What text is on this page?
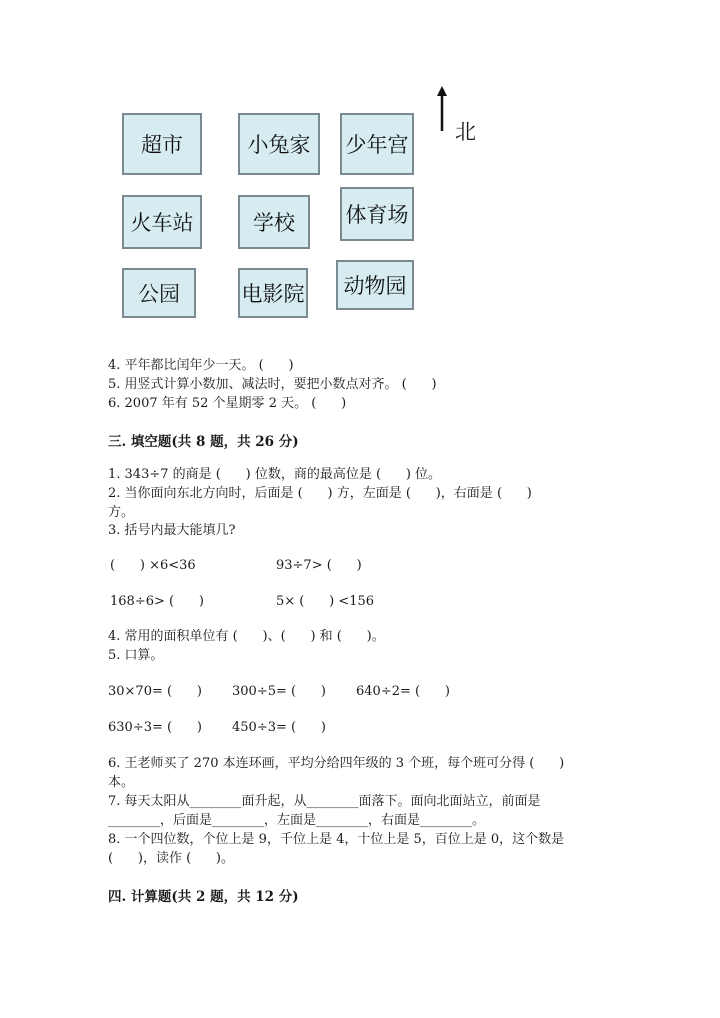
超市	小兔家	少年宫
火车站	学校	体育场
公园	电影院	动物园
北
4. 平年都比闰年少一天。 (      )
5. 用竖式计算小数加、减法时，要把小数点对齐。 (      )
6. 2007 年有 52 个星期零 2 天。 (      )
三. 填空题(共 8 题，共 26 分)
1. 343÷7 的商是 (      ) 位数，商的最高位是 (      ) 位。
2. 当你面向东北方向时，后面是 (      ) 方，左面是 (      )，右面是 (      )
方。
3. 括号内最大能填几?
(      ) ×6<36	93÷7> (      )
168÷6> (      )	5× (      ) <156
4. 常用的面积单位有 (      )、(      ) 和 (      )。
5. 口算。
30×70= (      ) 300÷5= (      ) 640÷2= (      )
630÷3= (      ) 450÷3= (      )
6. 王老师买了 270 本连环画，平均分给四年级的 3 个班，每个班可分得 (      )
本。
7. 每天太阳从________面升起，从________面落下。面向北面站立，前面是
________，后面是________，左面是________，右面是________。
8. 一个四位数，个位上是 9，千位上是 4，十位上是 5，百位上是 0，这个数是
(      )，读作 (      )。
四. 计算题(共 2 题，共 12 分)
